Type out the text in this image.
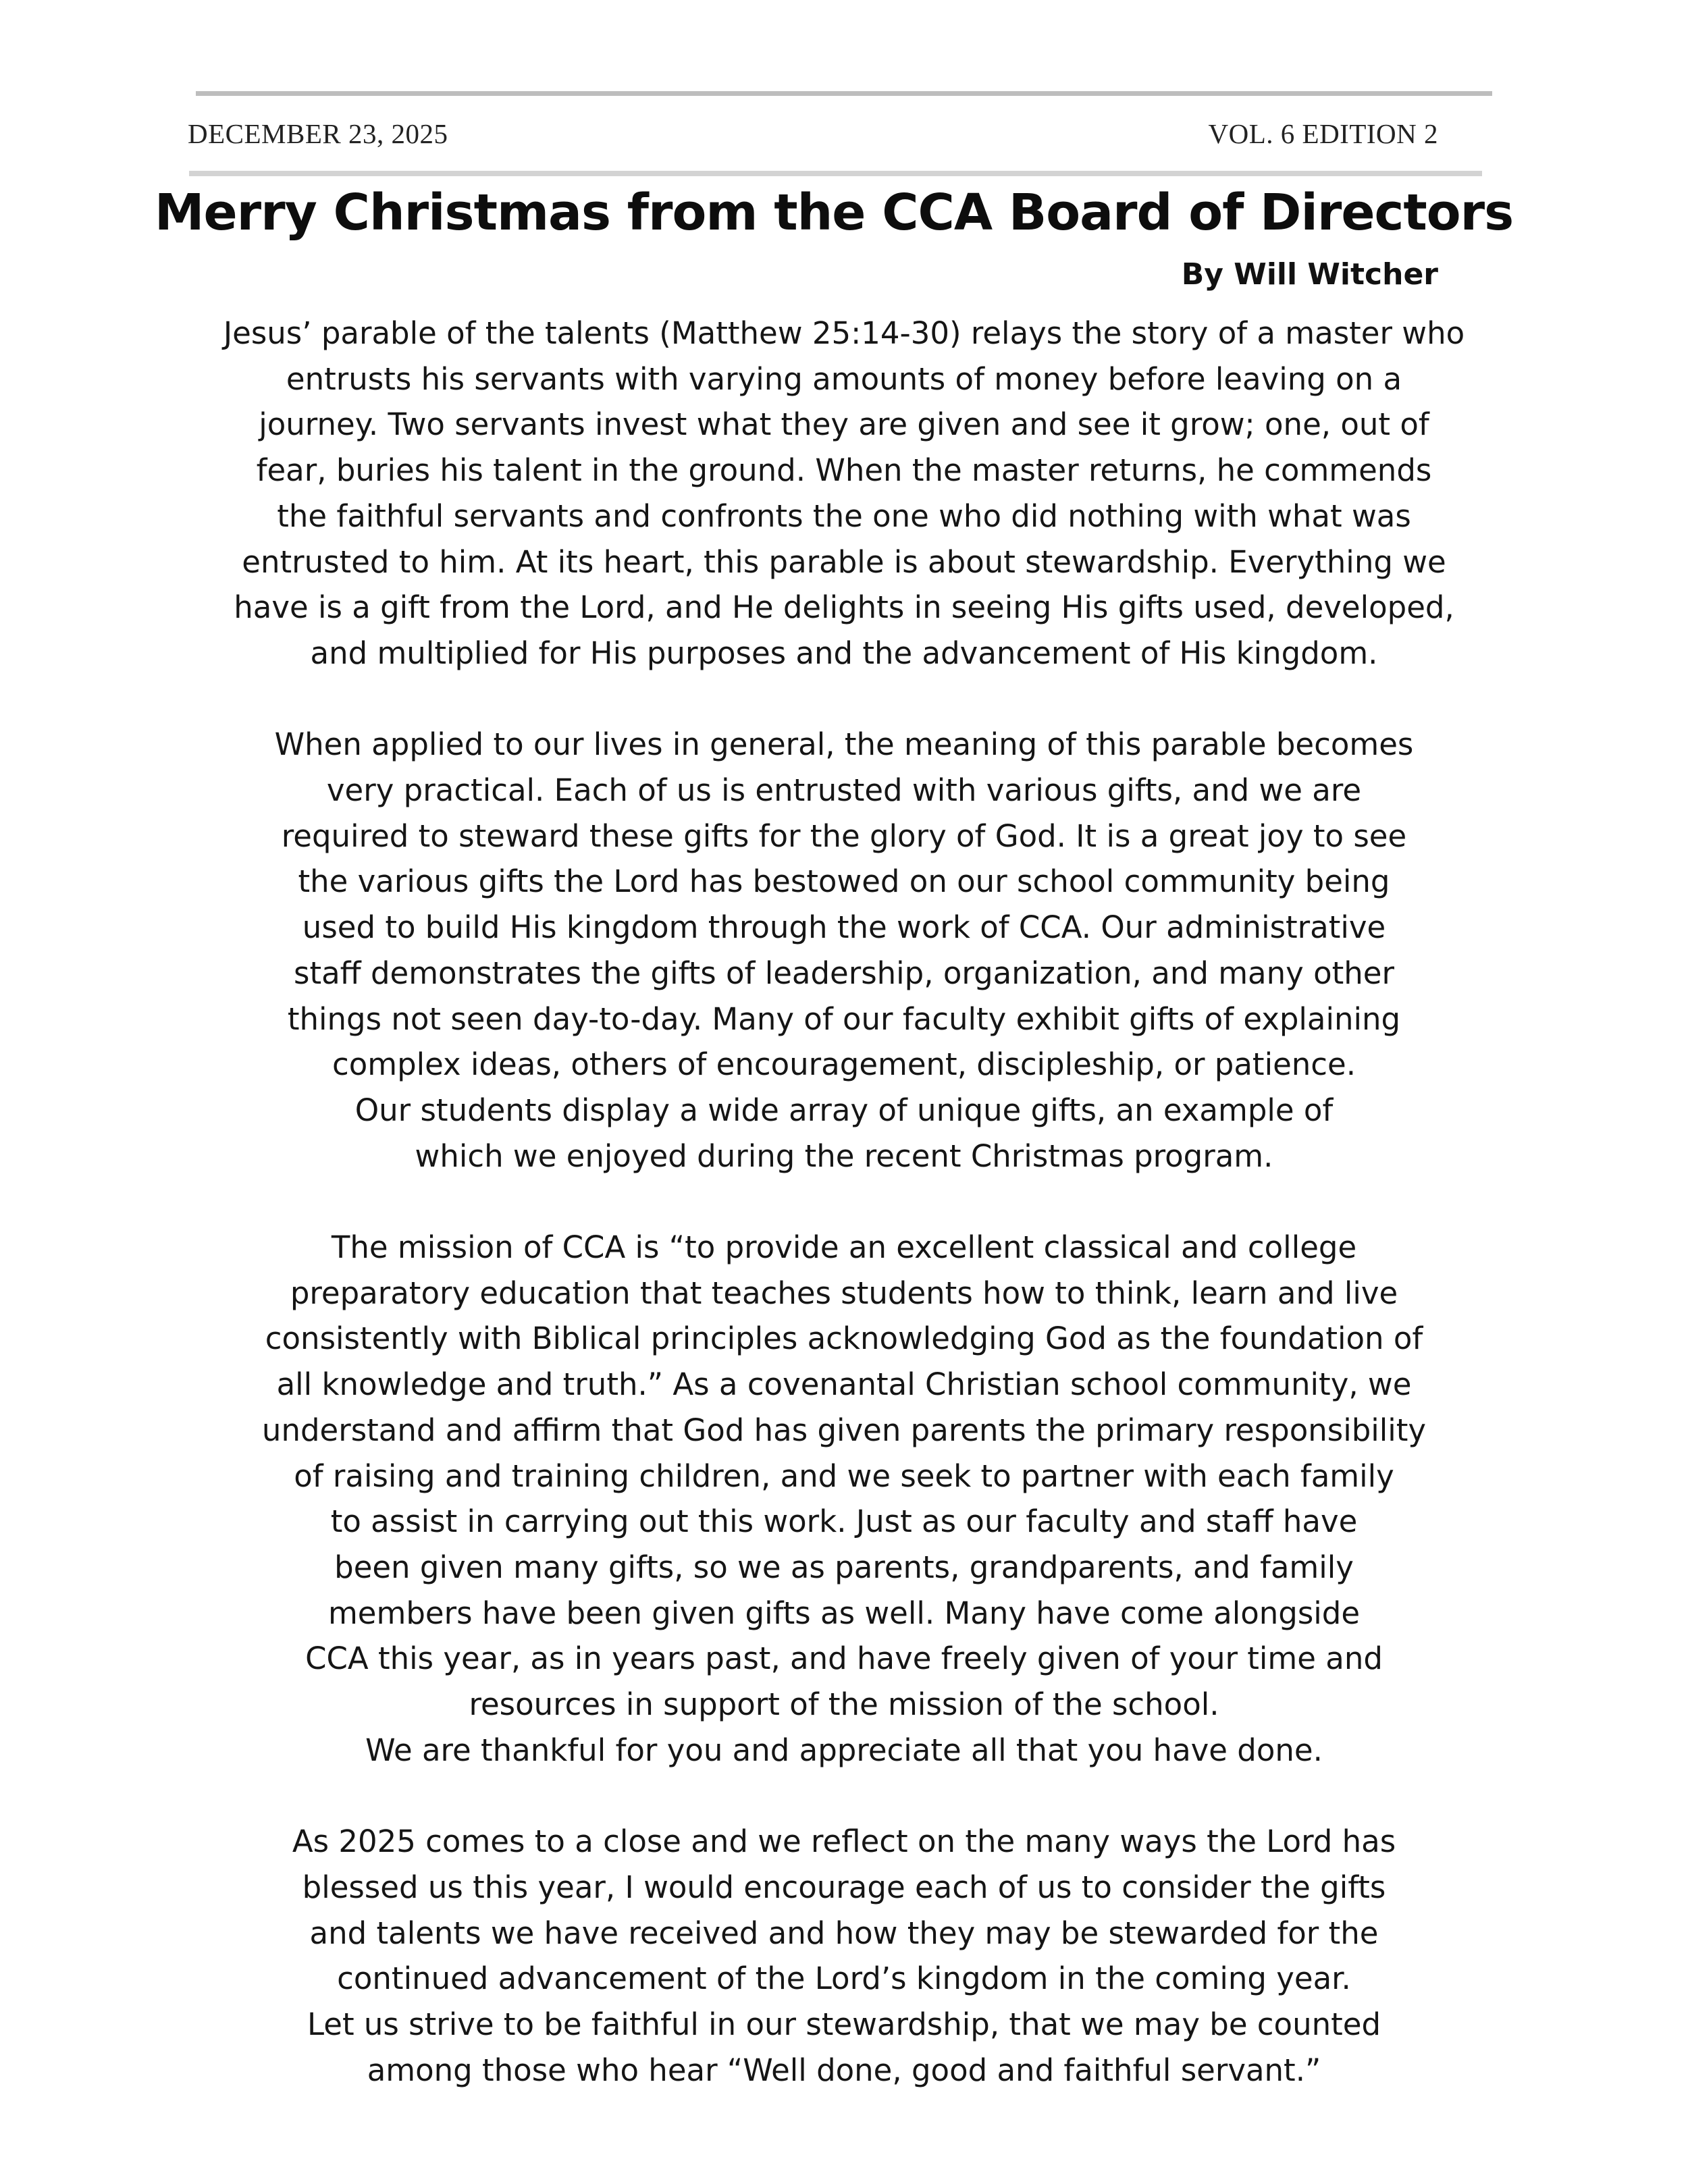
DECEMBER 23, 2025	VOL. 6 EDITION 2
Merry Christmas from the CCA Board of Directors
By Will Witcher
Jesus’ parable of the talents (Matthew 25:14-30) relays the story of a master who
entrusts his servants with varying amounts of money before leaving on a
journey. Two servants invest what they are given and see it grow; one, out of
fear, buries his talent in the ground. When the master returns, he commends
the faithful servants and confronts the one who did nothing with what was
entrusted to him. At its heart, this parable is about stewardship. Everything we
have is a gift from the Lord, and He delights in seeing His gifts used, developed,
and multiplied for His purposes and the advancement of His kingdom.
When applied to our lives in general, the meaning of this parable becomes
very practical. Each of us is entrusted with various gifts, and we are
required to steward these gifts for the glory of God. It is a great joy to see
the various gifts the Lord has bestowed on our school community being
used to build His kingdom through the work of CCA. Our administrative
staff demonstrates the gifts of leadership, organization, and many other
things not seen day-to-day. Many of our faculty exhibit gifts of explaining
complex ideas, others of encouragement, discipleship, or patience.
Our students display a wide array of unique gifts, an example of
which we enjoyed during the recent Christmas program.
The mission of CCA is “to provide an excellent classical and college
preparatory education that teaches students how to think, learn and live
consistently with Biblical principles acknowledging God as the foundation of
all knowledge and truth.” As a covenantal Christian school community, we
understand and affirm that God has given parents the primary responsibility
of raising and training children, and we seek to partner with each family
to assist in carrying out this work. Just as our faculty and staff have
been given many gifts, so we as parents, grandparents, and family
members have been given gifts as well. Many have come alongside
CCA this year, as in years past, and have freely given of your time and
resources in support of the mission of the school.
We are thankful for you and appreciate all that you have done.
As 2025 comes to a close and we reflect on the many ways the Lord has
blessed us this year, I would encourage each of us to consider the gifts
and talents we have received and how they may be stewarded for the
continued advancement of the Lord’s kingdom in the coming year.
Let us strive to be faithful in our stewardship, that we may be counted
among those who hear “Well done, good and faithful servant.”
